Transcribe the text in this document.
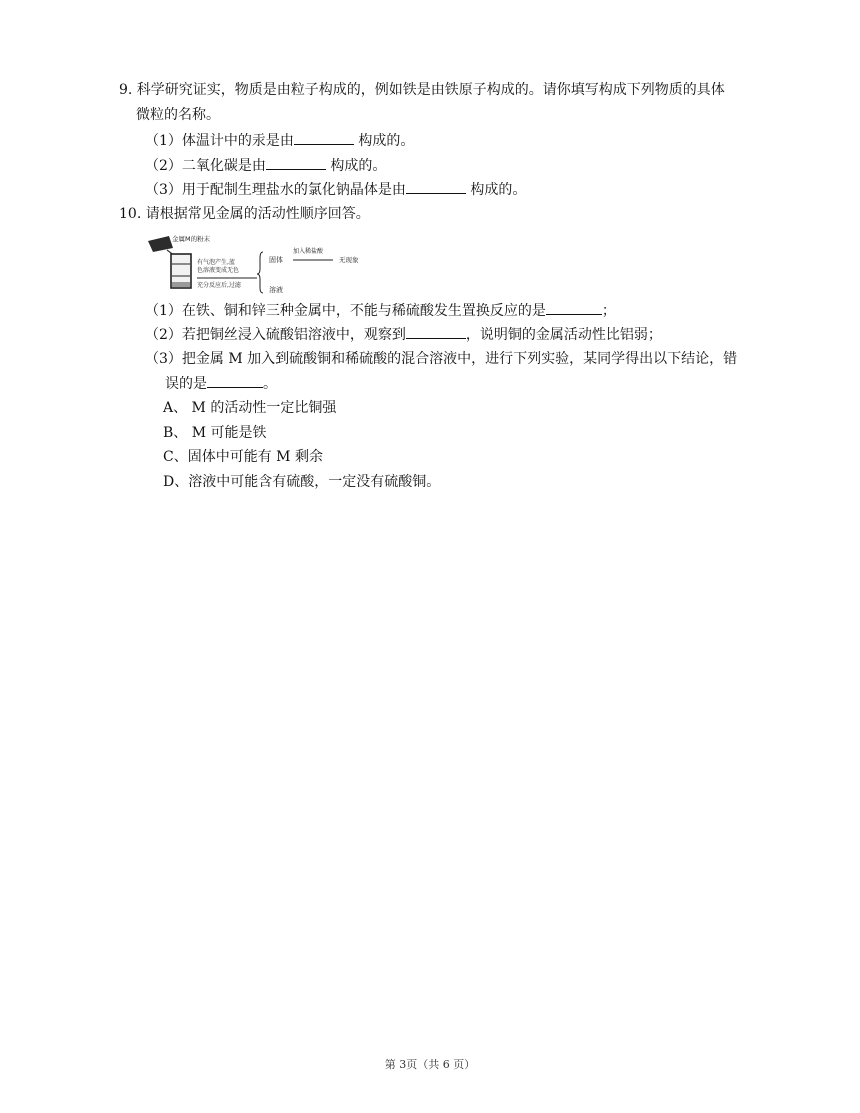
9. 科学研究证实，物质是由粒子构成的，例如铁是由铁原子构成的。请你填写构成下列物质的具体
微粒的名称。
（1）体温计中的汞是由	构成的。
（2）二氧化碳是由	构成的。
（3）用于配制生理盐水的氯化钠晶体是由	构成的。
10. 请根据常见金属的活动性顺序回答。
金属M的粉末
有气泡产生,蓝
色溶液变成无色
充分反应后,过滤
固体
加入稀盐酸
无现象
溶液
（1）在铁、铜和锌三种金属中，不能与稀硫酸发生置换反应的是	；
（2）若把铜丝浸入硫酸铝溶液中，观察到	，说明铜的金属活动性比铝弱；
（3）把金属 M 加入到硫酸铜和稀硫酸的混合溶液中，进行下列实验，某同学得出以下结论，错
误的是	。
A、 M 的活动性一定比铜强
B、 M 可能是铁
C、固体中可能有 M 剩余
D、溶液中可能含有硫酸，一定没有硫酸铜。
第 3页（共 6 页）
